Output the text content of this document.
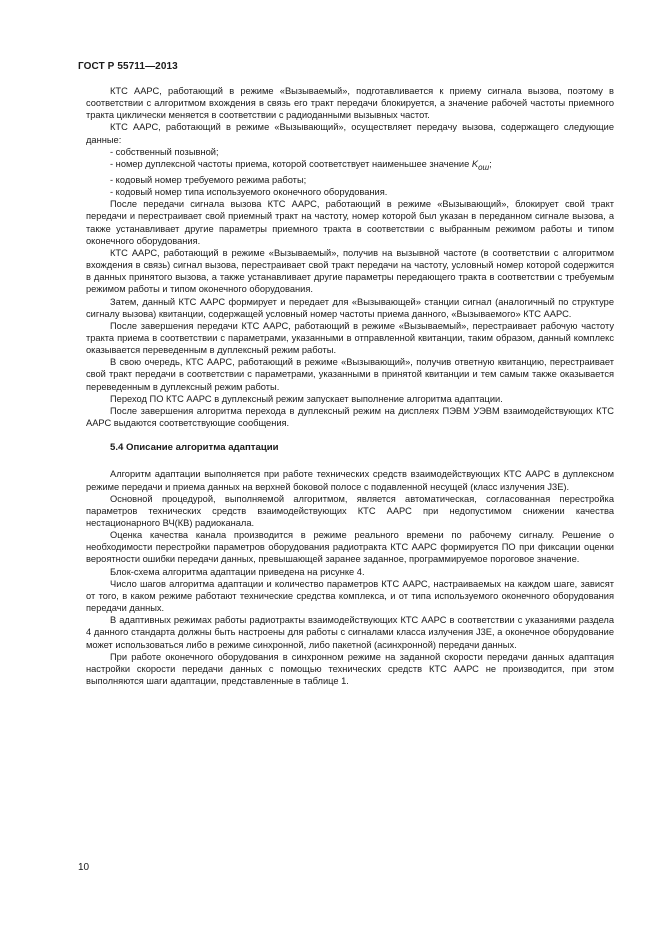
ГОСТ Р 55711—2013

КТС ААРС, работающий в режиме «Вызываемый», подготавливается к приему сигнала вызова, поэтому в соответствии с алгоритмом вхождения в связь его тракт передачи блокируется, а значение рабочей частоты приемного тракта циклически меняется в соответствии с радиоданными вызывных частот.

КТС ААРС, работающий в режиме «Вызывающий», осуществляет передачу вызова, содержащего следующие данные:

- собственный позывной;

- номер дуплексной частоты приема, которой соответствует наименьшее значение $K_{ош}$;

- кодовый номер требуемого режима работы;

- кодовый номер типа используемого оконечного оборудования.

После передачи сигнала вызова КТС ААРС, работающий в режиме «Вызывающий», блокирует свой тракт передачи и перестраивает свой приемный тракт на частоту, номер которой был указан в переданном сигнале вызова, а также устанавливает другие параметры приемного тракта в соответствии с выбранным режимом работы и типом оконечного оборудования.

КТС ААРС, работающий в режиме «Вызываемый», получив на вызывной частоте (в соответствии с алгоритмом вхождения в связь) сигнал вызова, перестраивает свой тракт передачи на частоту, условный номер которой содержится в данных принятого вызова, а также устанавливает другие параметры передающего тракта в соответствии с требуемым режимом работы и типом оконечного оборудования.

Затем, данный КТС ААРС формирует и передает для «Вызывающей» станции сигнал (аналогичный по структуре сигналу вызова) квитанции, содержащей условный номер частоты приема данного, «Вызываемого» КТС ААРС.

После завершения передачи КТС ААРС, работающий в режиме «Вызываемый», перестраивает рабочую частоту тракта приема в соответствии с параметрами, указанными в отправленной квитанции, таким образом, данный комплекс оказывается переведенным в дуплексный режим работы.

В свою очередь, КТС ААРС, работающий в режиме «Вызывающий», получив ответную квитанцию, перестраивает свой тракт передачи в соответствии с параметрами, указанными в принятой квитанции и тем самым также оказывается переведенным в дуплексный режим работы.

Переход ПО КТС ААРС в дуплексный режим запускает выполнение алгоритма адаптации.

После завершения алгоритма перехода в дуплексный режим на дисплеях ПЭВМ УЭВМ взаимодействующих КТС ААРС выдаются соответствующие сообщения.

5.4 Описание алгоритма адаптации

Алгоритм адаптации выполняется при работе технических средств взаимодействующих КТС ААРС в дуплексном режиме передачи и приема данных на верхней боковой полосе с подавленной несущей (класс излучения J3E).

Основной процедурой, выполняемой алгоритмом, является автоматическая, согласованная перестройка параметров технических средств взаимодействующих КТС ААРС при недопустимом снижении качества нестационарного ВЧ(КВ) радиоканала.

Оценка качества канала производится в режиме реального времени по рабочему сигналу. Решение о необходимости перестройки параметров оборудования радиотракта КТС ААРС формируется ПО при фиксации оценки вероятности ошибки передачи данных, превышающей заранее заданное, программируемое пороговое значение.

Блок-схема алгоритма адаптации приведена на рисунке 4.

Число шагов алгоритма адаптации и количество параметров КТС ААРС, настраиваемых на каждом шаге, зависят от того, в каком режиме работают технические средства комплекса, и от типа используемого оконечного оборудования передачи данных.

В адаптивных режимах работы радиотракты взаимодействующих КТС ААРС в соответствии с указаниями раздела 4 данного стандарта должны быть настроены для работы с сигналами класса излучения J3E, а оконечное оборудование может использоваться либо в режиме синхронной, либо пакетной (асинхронной) передачи данных.

При работе оконечного оборудования в синхронном режиме на заданной скорости передачи данных адаптация настройки скорости передачи данных с помощью технических средств КТС ААРС не производится, при этом выполняются шаги адаптации, представленные в таблице 1.

10
